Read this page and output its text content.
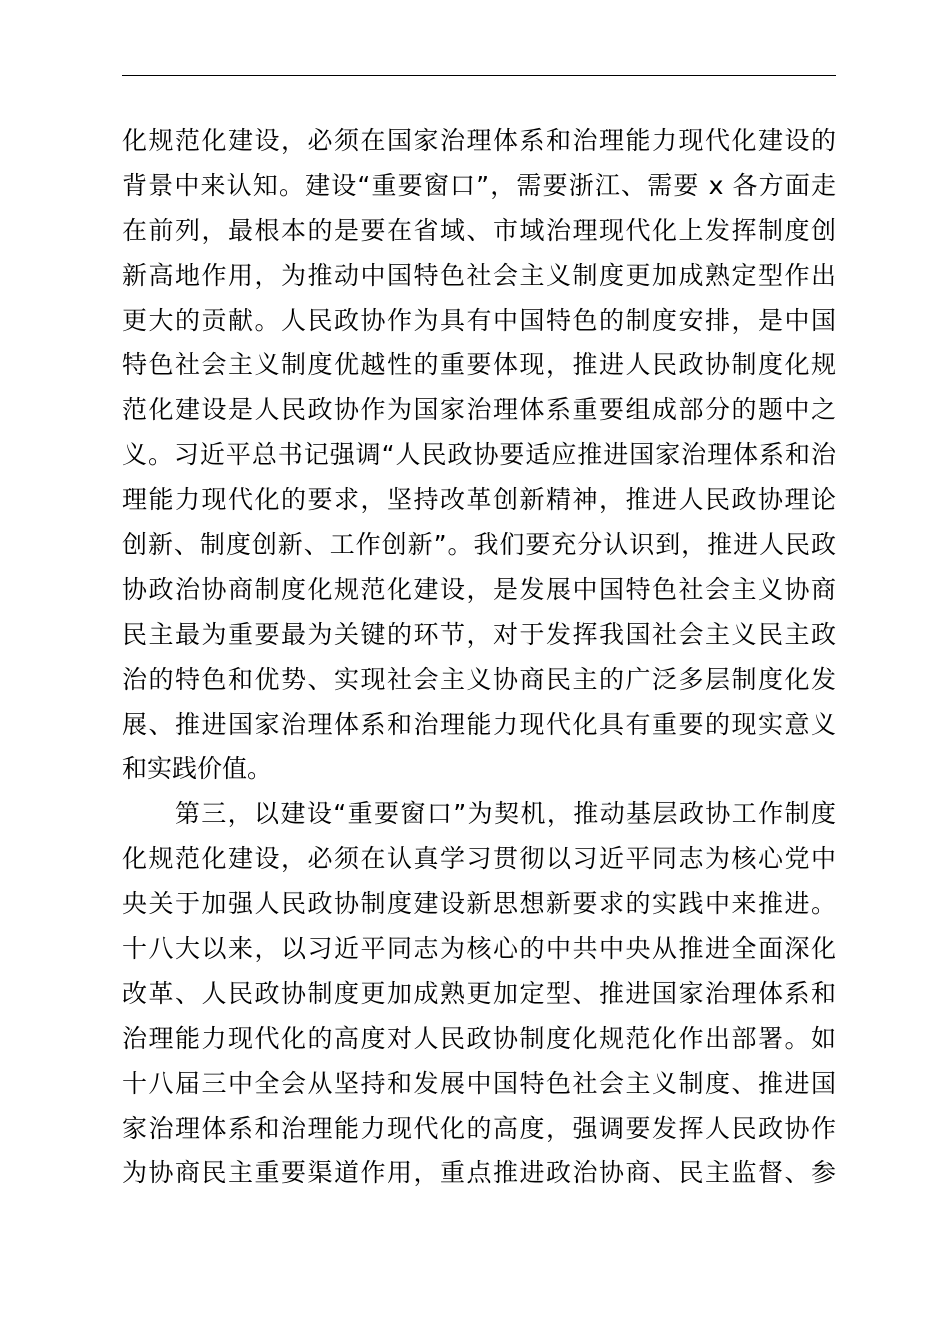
化规范化建设，必须在国家治理体系和治理能力现代化建设的
背景中来认知。建设“重要窗口”，需要浙江、需要 x 各方面走
在前列，最根本的是要在省域、市域治理现代化上发挥制度创
新高地作用，为推动中国特色社会主义制度更加成熟定型作出
更大的贡献。人民政协作为具有中国特色的制度安排，是中国
特色社会主义制度优越性的重要体现，推进人民政协制度化规
范化建设是人民政协作为国家治理体系重要组成部分的题中之
义。习近平总书记强调“人民政协要适应推进国家治理体系和治
理能力现代化的要求，坚持改革创新精神，推进人民政协理论
创新、制度创新、工作创新”。我们要充分认识到，推进人民政
协政治协商制度化规范化建设，是发展中国特色社会主义协商
民主最为重要最为关键的环节，对于发挥我国社会主义民主政
治的特色和优势、实现社会主义协商民主的广泛多层制度化发
展、推进国家治理体系和治理能力现代化具有重要的现实意义
和实践价值。
　　第三，以建设“重要窗口”为契机，推动基层政协工作制度
化规范化建设，必须在认真学习贯彻以习近平同志为核心党中
央关于加强人民政协制度建设新思想新要求的实践中来推进。
十八大以来，以习近平同志为核心的中共中央从推进全面深化
改革、人民政协制度更加成熟更加定型、推进国家治理体系和
治理能力现代化的高度对人民政协制度化规范化作出部署。如
十八届三中全会从坚持和发展中国特色社会主义制度、推进国
家治理体系和治理能力现代化的高度，强调要发挥人民政协作
为协商民主重要渠道作用，重点推进政治协商、民主监督、参
